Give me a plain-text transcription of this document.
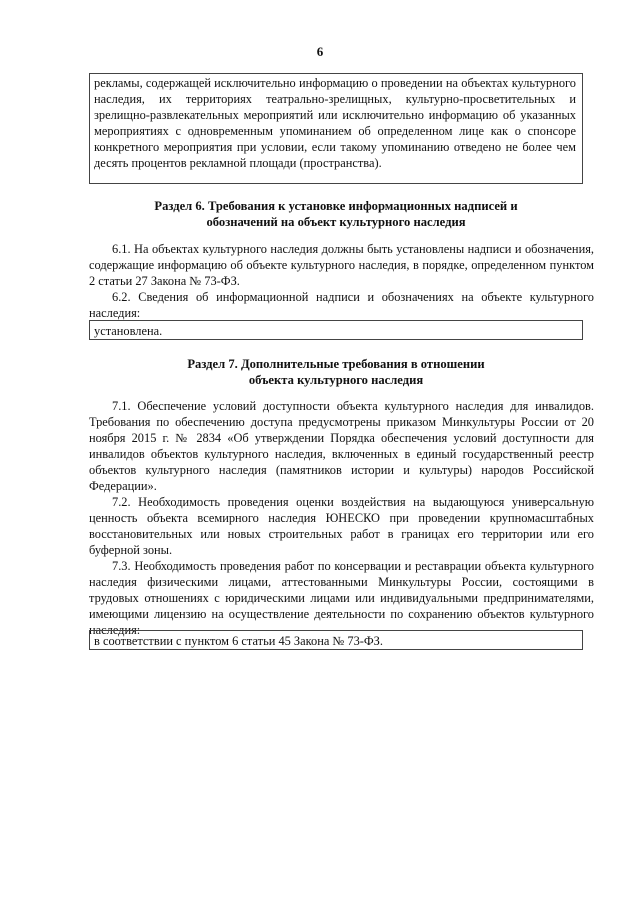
6
рекламы, содержащей исключительно информацию о проведении на объектах культурного наследия, их территориях театрально-зрелищных, культурно-просветительных и зрелищно-развлекательных мероприятий или исключительно информацию об указанных мероприятиях с одновременным упоминанием об определенном лице как о спонсоре конкретного мероприятия при условии, если такому упоминанию отведено не более чем десять процентов рекламной площади (пространства).
Раздел 6. Требования к установке информационных надписей и
обозначений на объект культурного наследия

6.1. На объектах культурного наследия должны быть установлены надписи и обозначения, содержащие информацию об объекте культурного наследия, в порядке, определенном пунктом 2 статьи 27 Закона № 73-ФЗ.

6.2. Сведения об информационной надписи и обозначениях на объекте культурного наследия:

установлена.
Раздел 7. Дополнительные требования в отношении
объекта культурного наследия

7.1. Обеспечение условий доступности объекта культурного наследия для инвалидов. Требования по обеспечению доступа предусмотрены приказом Минкультуры России от 20 ноября 2015 г. № 2834 «Об утверждении Порядка обеспечения условий доступности для инвалидов объектов культурного наследия, включенных в единый государственный реестр объектов культурного наследия (памятников истории и культуры) народов Российской Федерации».

7.2. Необходимость проведения оценки воздействия на выдающуюся универсальную ценность объекта всемирного наследия ЮНЕСКО при проведении крупномасштабных восстановительных или новых строительных работ в границах его территории или его буферной зоны.

7.3. Необходимость проведения работ по консервации и реставрации объекта культурного наследия физическими лицами, аттестованными Минкультуры России, состоящими в трудовых отношениях с юридическими лицами или индивидуальными предпринимателями, имеющими лицензию на осуществление деятельности по сохранению объектов культурного наследия:

в соответствии с пунктом 6 статьи 45 Закона № 73-ФЗ.
